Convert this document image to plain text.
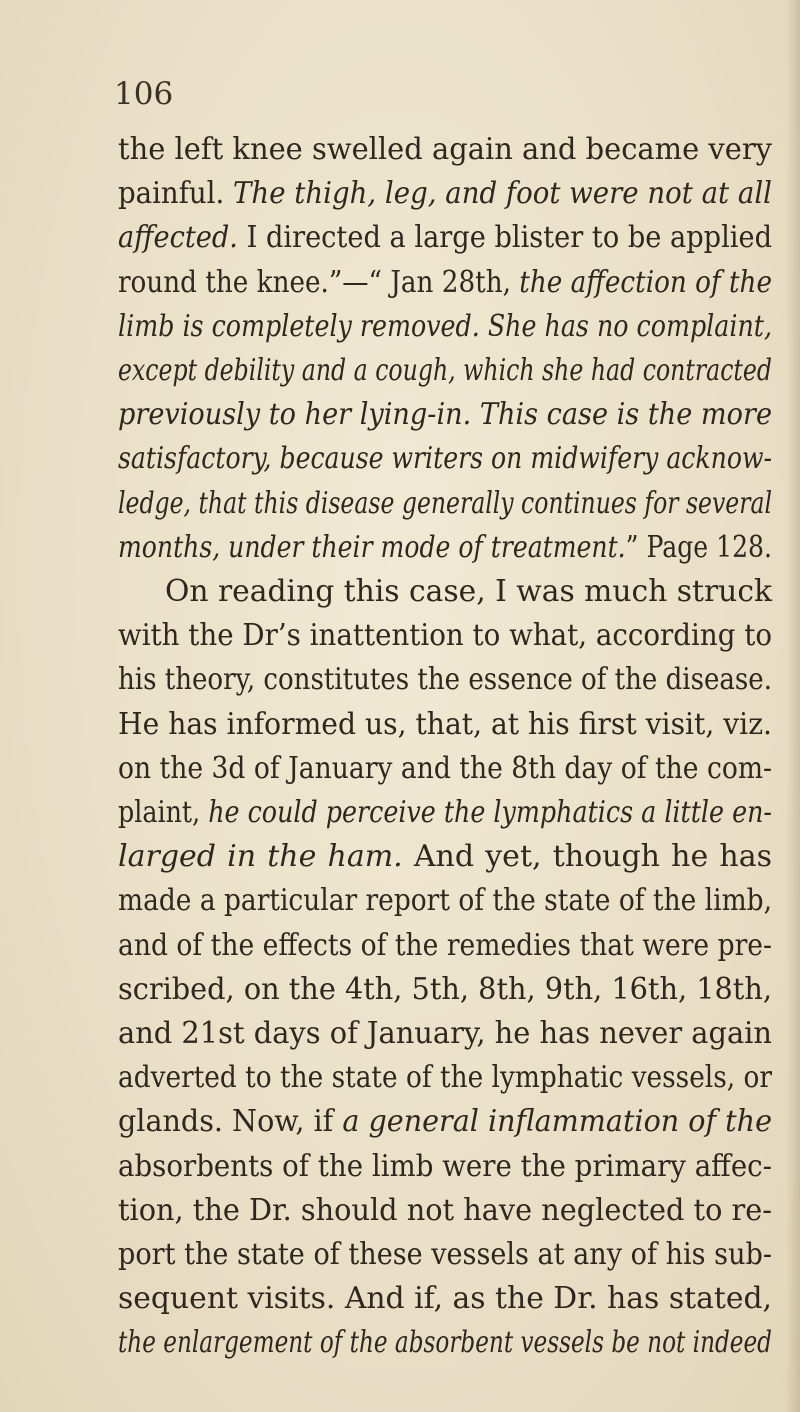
106
the left knee swelled again and became very
painful. The thigh, leg, and foot were not at all
affected. I directed a large blister to be applied
round the knee.”—“ Jan 28th, the affection of the
limb is completely removed. She has no complaint,
except debility and a cough, which she had contracted
previously to her lying-in. This case is the more
satisfactory, because writers on midwifery acknow-
ledge, that this disease generally continues for several
months, under their mode of treatment.” Page 128.
On reading this case, I was much struck
with the Dr’s inattention to what, according to
his theory, constitutes the essence of the disease.
He has informed us, that, at his first visit, viz.
on the 3d of January and the 8th day of the com-
plaint, he could perceive the lymphatics a little en-
larged in the ham. And yet, though he has
made a particular report of the state of the limb,
and of the effects of the remedies that were pre-
scribed, on the 4th, 5th, 8th, 9th, 16th, 18th,
and 21st days of January, he has never again
adverted to the state of the lymphatic vessels, or
glands. Now, if a general inflammation of the
absorbents of the limb were the primary affec-
tion, the Dr. should not have neglected to re-
port the state of these vessels at any of his sub-
sequent visits. And if, as the Dr. has stated,
the enlargement of the absorbent vessels be not indeed
